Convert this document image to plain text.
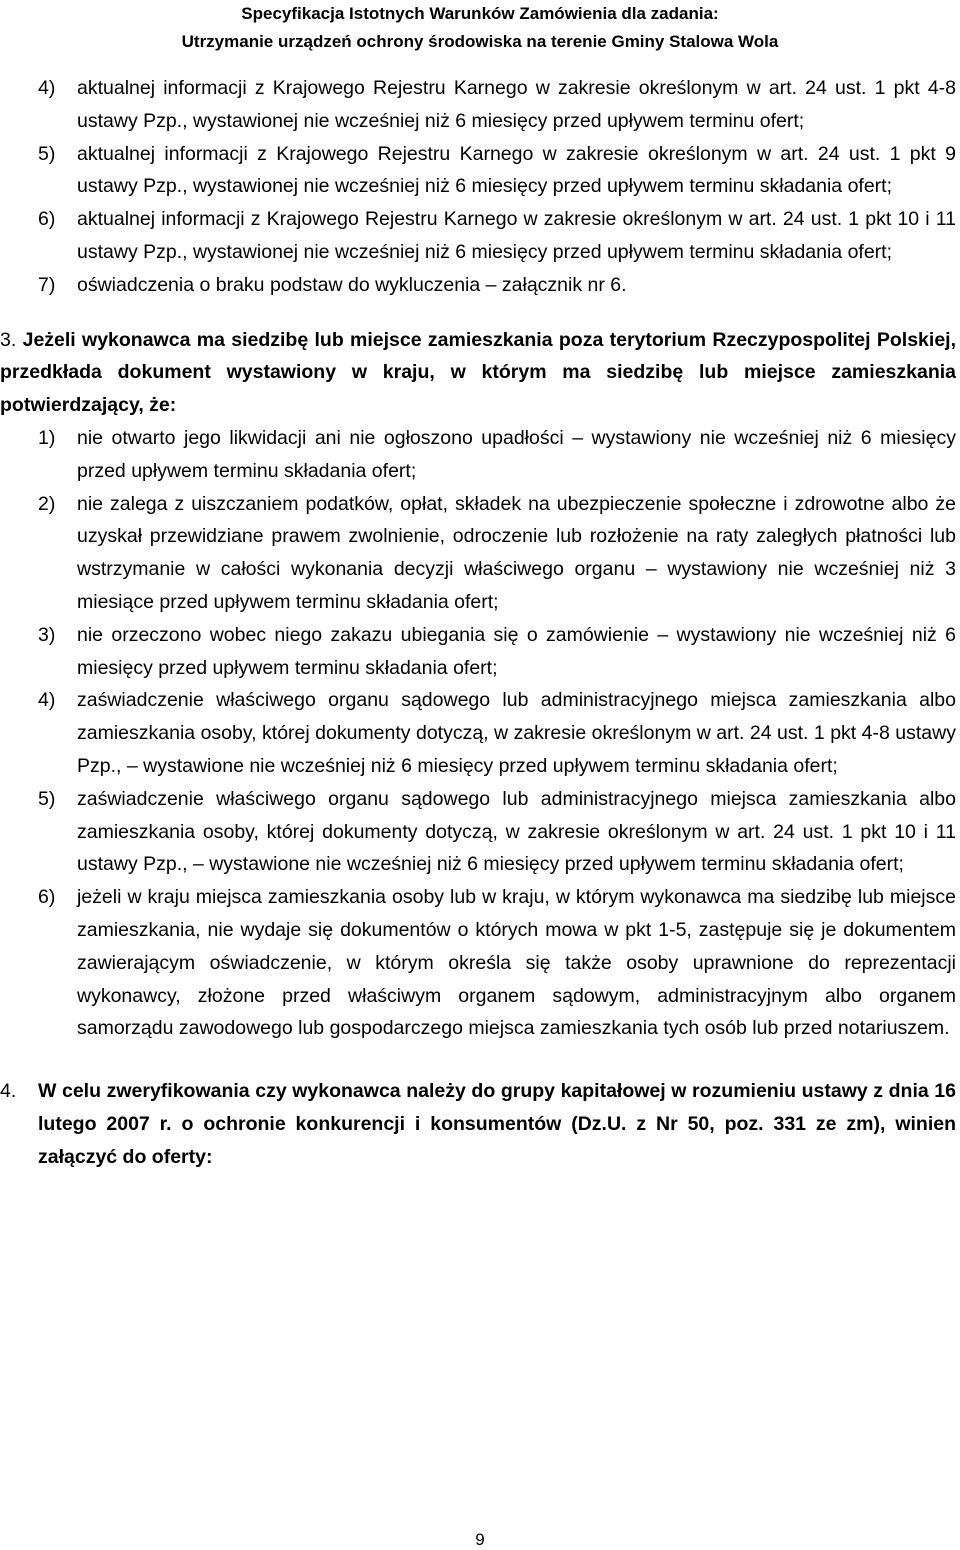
Specyfikacja Istotnych Warunków Zamówienia dla zadania:
Utrzymanie urządzeń ochrony środowiska na terenie Gminy Stalowa Wola
4) aktualnej informacji z Krajowego Rejestru Karnego w zakresie określonym w art. 24 ust. 1 pkt 4-8 ustawy Pzp., wystawionej nie wcześniej niż 6 miesięcy przed upływem terminu ofert;
5) aktualnej informacji z Krajowego Rejestru Karnego w zakresie określonym w art. 24 ust. 1 pkt 9 ustawy Pzp., wystawionej nie wcześniej niż 6 miesięcy przed upływem terminu składania ofert;
6) aktualnej informacji z Krajowego Rejestru Karnego w zakresie określonym w art. 24 ust. 1 pkt 10 i 11 ustawy Pzp., wystawionej nie wcześniej niż 6 miesięcy przed upływem terminu składania ofert;
7) oświadczenia o braku podstaw do wykluczenia – załącznik nr 6.
3. Jeżeli wykonawca ma siedzibę lub miejsce zamieszkania poza terytorium Rzeczypospolitej Polskiej, przedkłada dokument wystawiony w kraju, w którym ma siedzibę lub miejsce zamieszkania potwierdzający, że:
1) nie otwarto jego likwidacji ani nie ogłoszono upadłości – wystawiony nie wcześniej niż 6 miesięcy przed upływem terminu składania ofert;
2) nie zalega z uiszczaniem podatków, opłat, składek na ubezpieczenie społeczne i zdrowotne albo że uzyskał przewidziane prawem zwolnienie, odroczenie lub rozłożenie na raty zaległych płatności lub wstrzymanie w całości wykonania decyzji właściwego organu – wystawiony nie wcześniej niż 3 miesiące przed upływem terminu składania ofert;
3) nie orzeczono wobec niego zakazu ubiegania się o zamówienie – wystawiony nie wcześniej niż 6 miesięcy przed upływem terminu składania ofert;
4) zaświadczenie właściwego organu sądowego lub administracyjnego miejsca zamieszkania albo zamieszkania osoby, której dokumenty dotyczą, w zakresie określonym w art. 24 ust. 1 pkt 4-8 ustawy Pzp., – wystawione nie wcześniej niż 6 miesięcy przed upływem terminu składania ofert;
5) zaświadczenie właściwego organu sądowego lub administracyjnego miejsca zamieszkania albo zamieszkania osoby, której dokumenty dotyczą, w zakresie określonym w art. 24 ust. 1 pkt 10 i 11 ustawy Pzp., – wystawione nie wcześniej niż 6 miesięcy przed upływem terminu składania ofert;
6) jeżeli w kraju miejsca zamieszkania osoby lub w kraju, w którym wykonawca ma siedzibę lub miejsce zamieszkania, nie wydaje się dokumentów o których mowa w pkt 1-5, zastępuje się je dokumentem zawierającym oświadczenie, w którym określa się także osoby uprawnione do reprezentacji wykonawcy, złożone przed właściwym organem sądowym, administracyjnym albo organem samorządu zawodowego lub gospodarczego miejsca zamieszkania tych osób lub przed notariuszem.
4. W celu zweryfikowania czy wykonawca należy do grupy kapitałowej w rozumieniu ustawy z dnia 16 lutego 2007 r. o ochronie konkurencji i konsumentów (Dz.U. z Nr 50, poz. 331 ze zm), winien załączyć do oferty:
9
